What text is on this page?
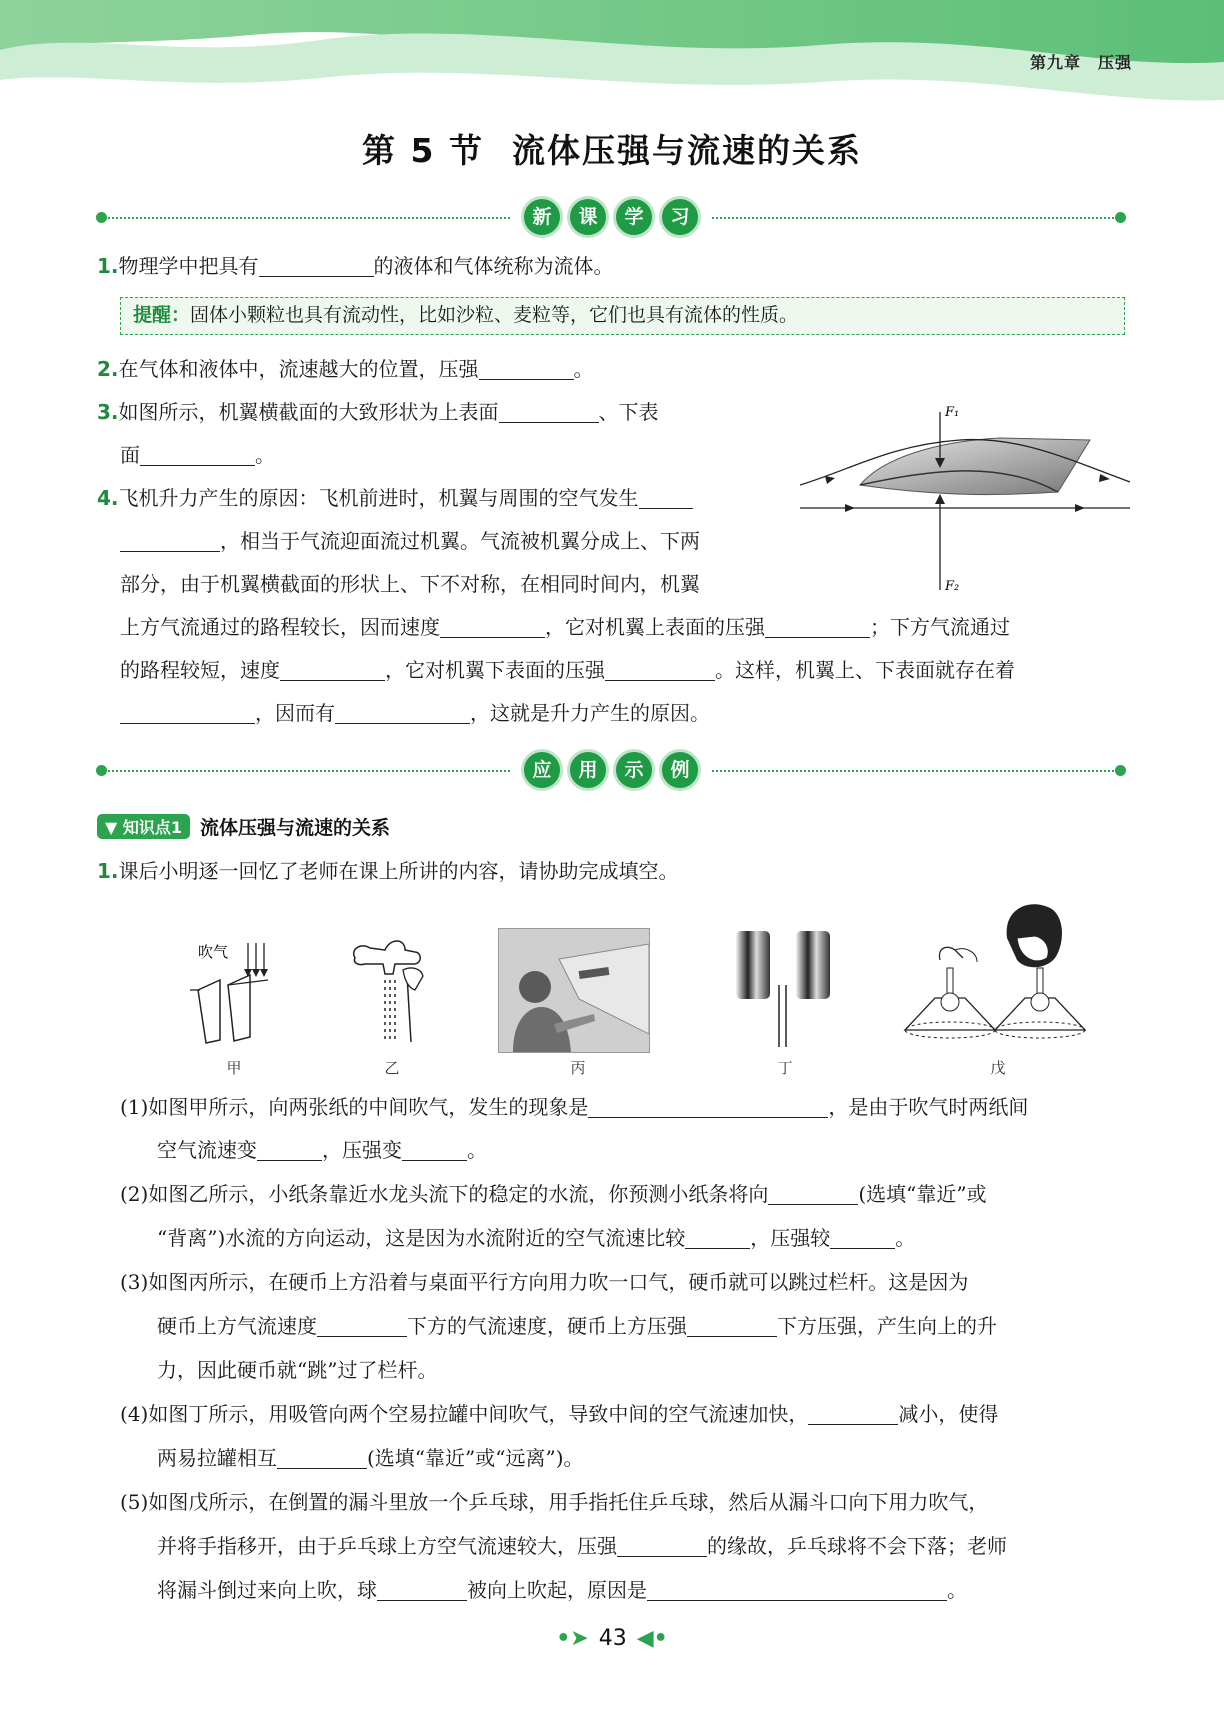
第九章　压强
第 5 节 流体压强与流速的关系
新	课	学	习
1.物理学中把具有	的液体和气体统称为流体。
提醒：固体小颗粒也具有流动性，比如沙粒、麦粒等，它们也具有流体的性质。
2.在气体和液体中，流速越大的位置，压强	。
3.如图所示，机翼横截面的大致形状为上表面	、下表
面	。
4.飞机升力产生的原因：飞机前进时，机翼与周围的空气发生
，相当于气流迎面流过机翼。气流被机翼分成上、下两
部分，由于机翼横截面的形状上、下不对称，在相同时间内，机翼
上方气流通过的路程较长，因而速度	，它对机翼上表面的压强	；下方气流通过
的路程较短，速度	，它对机翼下表面的压强	。这样，机翼上、下表面就存在着
，因而有	，这就是升力产生的原因。
F₁
F₂
应	用	示	例
▼ 知识点1 流体压强与流速的关系
1.课后小明逐一回忆了老师在课上所讲的内容，请协助完成填空。
吹气
甲	乙	丙	丁	戊
(1)如图甲所示，向两张纸的中间吹气，发生的现象是	，是由于吹气时两纸间
空气流速变	，压强变	。
(2)如图乙所示，小纸条靠近水龙头流下的稳定的水流，你预测小纸条将向	(选填“靠近”或
“背离”)水流的方向运动，这是因为水流附近的空气流速比较	，压强较	。
(3)如图丙所示，在硬币上方沿着与桌面平行方向用力吹一口气，硬币就可以跳过栏杆。这是因为
硬币上方气流速度	下方的气流速度，硬币上方压强	下方压强，产生向上的升
力，因此硬币就“跳”过了栏杆。
(4)如图丁所示，用吸管向两个空易拉罐中间吹气，导致中间的空气流速加快，	减小，使得
两易拉罐相互	(选填“靠近”或“远离”)。
(5)如图戊所示，在倒置的漏斗里放一个乒乓球，用手指托住乒乓球，然后从漏斗口向下用力吹气，
并将手指移开，由于乒乓球上方空气流速较大，压强	的缘故，乒乓球将不会下落；老师
将漏斗倒过来向上吹，球	被向上吹起，原因是	。
•➤ 43 ◀•
